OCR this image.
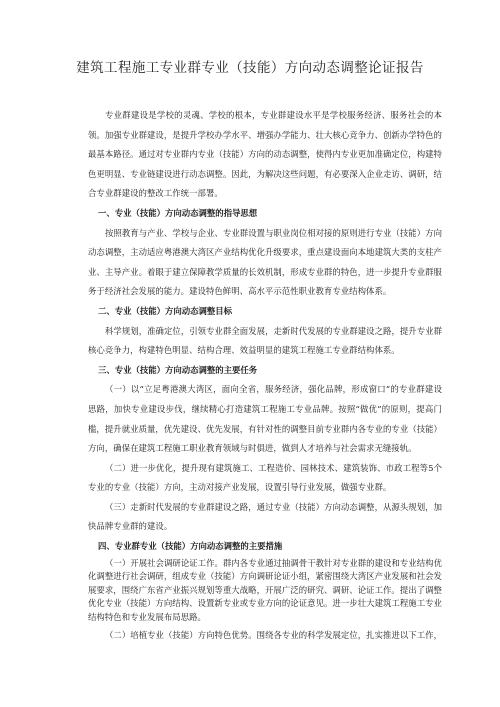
建筑工程施工专业群专业（技能）方向动态调整论证报告

专业群建设是学校的灵魂、学校的根本，专业群建设水平是学校服务经济、服务社会的本领。加强专业群建设，是提升学校办学水平、增强办学能力、壮大核心竞争力、创新办学特色的最基本路径。通过对专业群内专业（技能）方向的动态调整，使得内专业更加准确定位，构建特色更明显、专业链建设进行动态调整。因此，为解决这些问题，有必要深入企业走访、调研，结合专业群建设的整改工作统一部署。

一、专业（技能）方向动态调整的指导思想

按照教育与产业、学校与企业、专业群设置与职业岗位相对接的原则进行专业（技能）方向动态调整，主动适应粤港澳大湾区产业结构优化升级要求，重点建设面向本地建筑大类的支柱产业、主导产业。着眼于建立保障教学质量的长效机制，形成专业群的特色，进一步提升专业群服务于经济社会发展的能力。建设特色鲜明、高水平示范性职业教育专业结构体系。

二、专业（技能）方向动态调整目标

科学规划，准确定位，引领专业群全面发展，走新时代发展的专业群建设之路，提升专业群核心竞争力，构建特色明显、结构合理、效益明显的建筑工程施工专业群结构体系。

三、专业（技能）方向动态调整的主要任务

（一）以“立足粤港澳大湾区，面向全省，服务经济，强化品牌，形成窗口”的专业群建设思路，加快专业建设步伐，继续精心打造建筑工程施工专业品牌。按照“做优”的原则，提高门槛，提升就业质量，优先建设、优先发展，有针对性的调整目前专业群内各专业的专业（技能）方向，确保在建筑工程施工职业教育领域与时俱进，做到人才培养与社会需求无缝接轨。

（二）进一步优化，提升现有建筑施工、工程造价、园林技术、建筑装饰、市政工程等5个专业的专业（技能）方向，主动对接产业发展，设置引导行业发展，做强专业群。

（三）走新时代发展的专业群建设之路，通过专业（技能）方向动态调整，从源头规划，加快品牌专业群的建设。

四、专业群专业（技能）方向动态调整的主要措施

（一）开展社会调研论证工作。群内各专业通过抽调骨干教针对专业群的建设和专业结构优化调整进行社会调研，组成专业（技能）方向调研论证小组，紧密围绕大湾区产业发展和社会发展要求，围绕广东省产业振兴规划等重大战略，开展广泛的研究、调研、论证工作。提出了调整优化专业（技能）方向结构、设置新专业或专业方向的论证意见。进一步壮大建筑工程施工专业结构特色和专业发展布局思路。

（二）培植专业（技能）方向特色优势。围绕各专业的科学发展定位，扎实推进以下工作，
